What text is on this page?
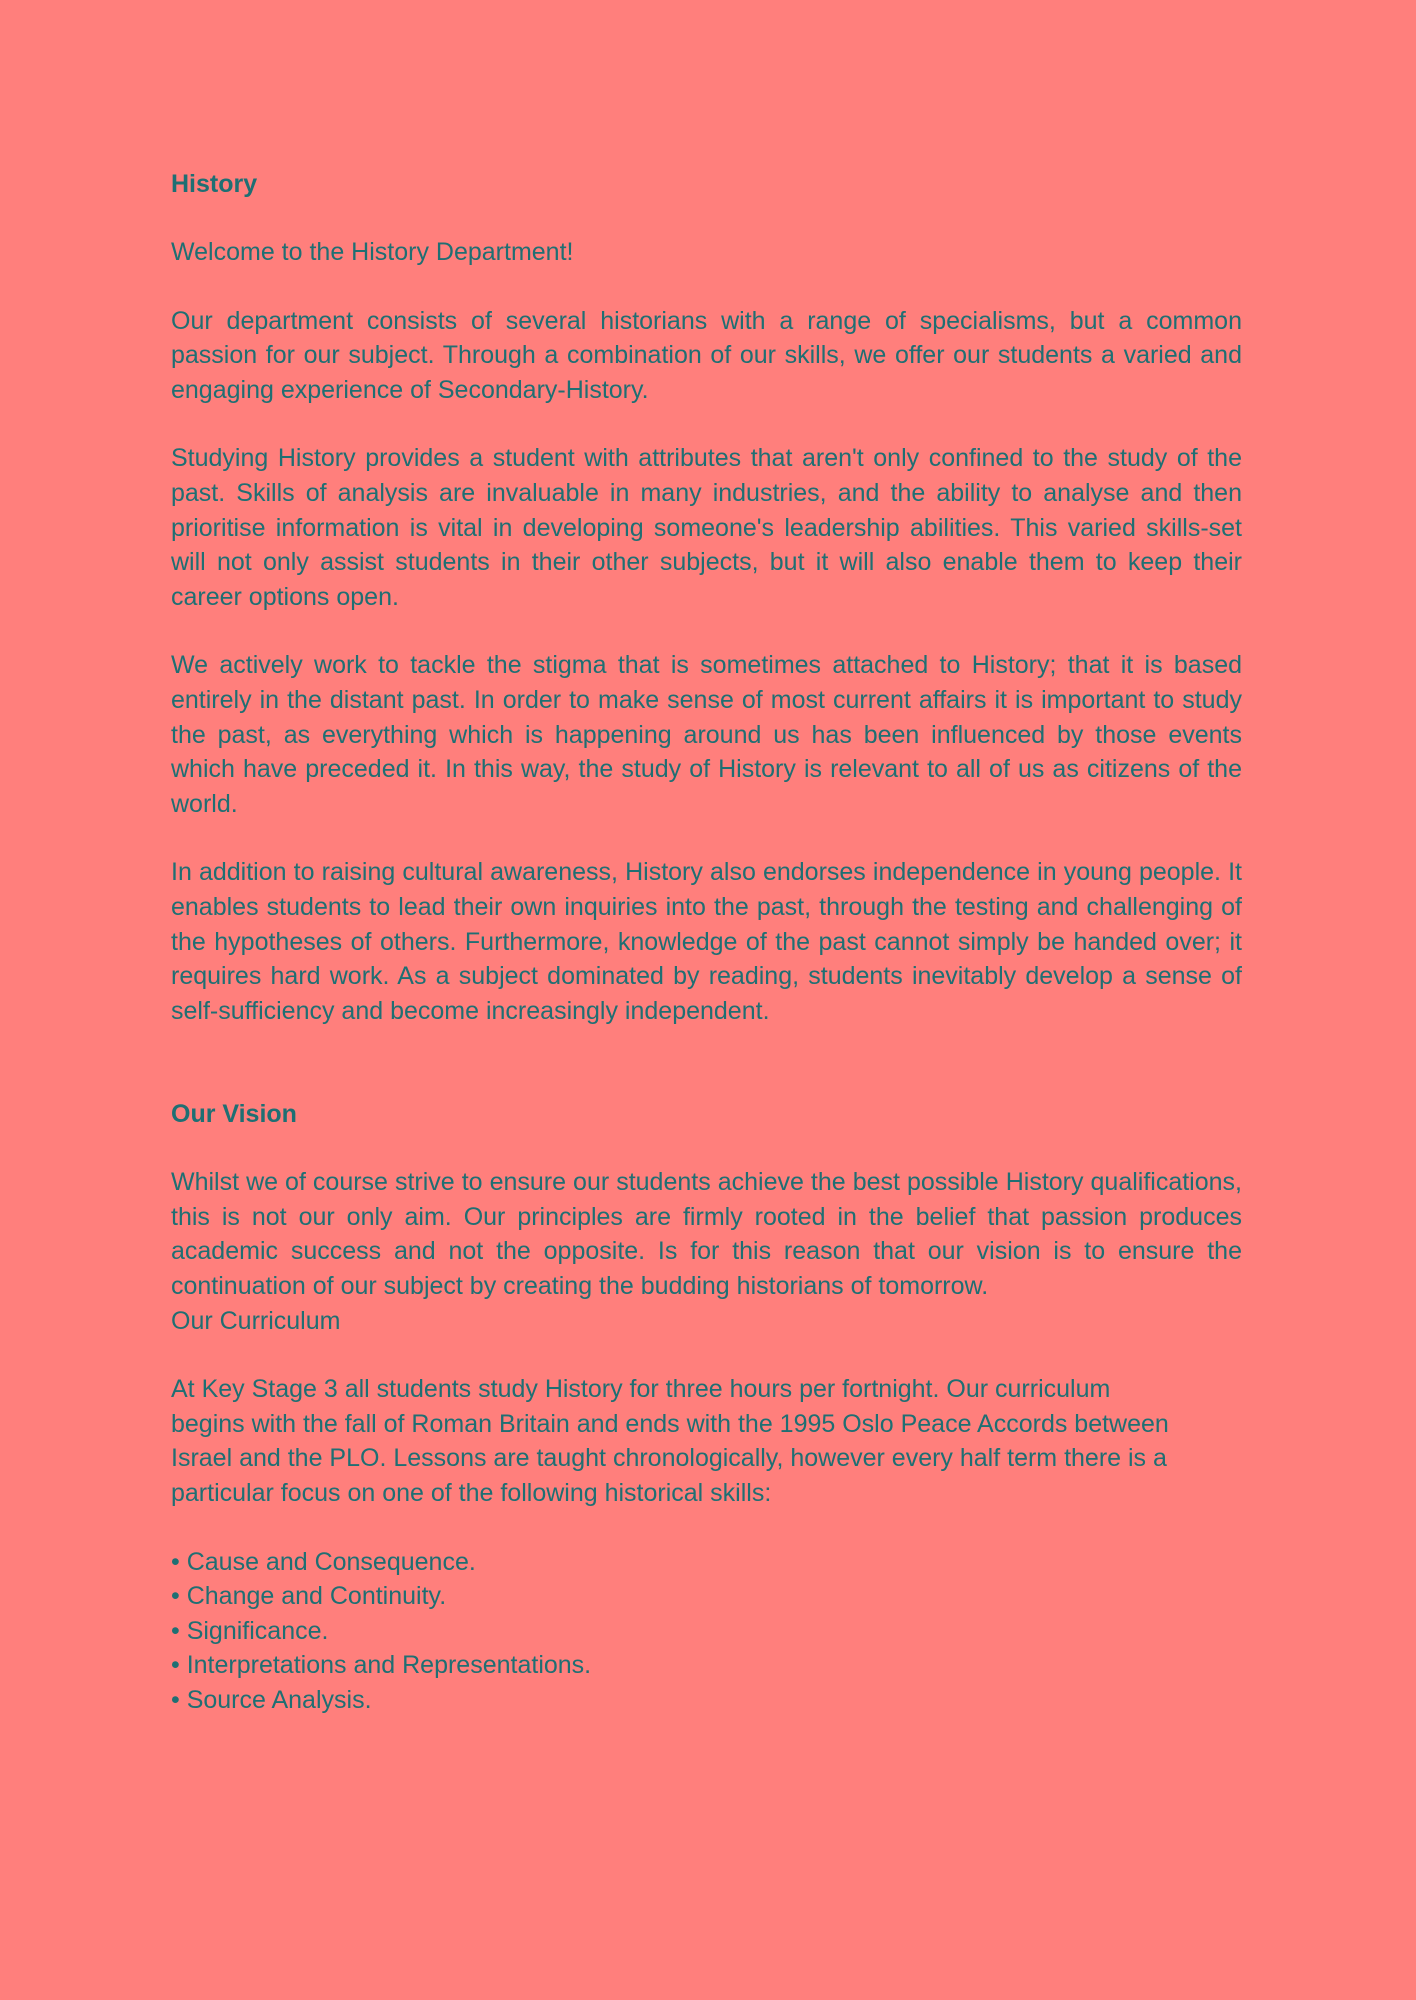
History

Welcome to the History Department!

Our department consists of several historians with a range of specialisms, but a common passion for our subject. Through a combination of our skills, we offer our students a varied and engaging experience of Secondary-History.

Studying History provides a student with attributes that aren't only confined to the study of the past. Skills of analysis are invaluable in many industries, and the ability to analyse and then prioritise information is vital in developing someone's leadership abilities. This varied skills-set will not only assist students in their other subjects, but it will also enable them to keep their career options open.

We actively work to tackle the stigma that is sometimes attached to History; that it is based entirely in the distant past. In order to make sense of most current affairs it is important to study the past, as everything which is happening around us has been influenced by those events which have preceded it. In this way, the study of History is relevant to all of us as citizens of the world.

In addition to raising cultural awareness, History also endorses independence in young people. It enables students to lead their own inquiries into the past, through the testing and challenging of the hypotheses of others. Furthermore, knowledge of the past cannot simply be handed over; it requires hard work. As a subject dominated by reading, students inevitably develop a sense of self-sufficiency and become increasingly independent.

Our Vision

Whilst we of course strive to ensure our students achieve the best possible History qualifications, this is not our only aim. Our principles are firmly rooted in the belief that passion produces academic success and not the opposite. Is for this reason that our vision is to ensure the continuation of our subject by creating the budding historians of tomorrow.

Our Curriculum

At Key Stage 3 all students study History for three hours per fortnight. Our curriculum begins with the fall of Roman Britain and ends with the 1995 Oslo Peace Accords between Israel and the PLO. Lessons are taught chronologically, however every half term there is a particular focus on one of the following historical skills:

• Cause and Consequence.
• Change and Continuity.
• Significance.
• Interpretations and Representations.
• Source Analysis.
